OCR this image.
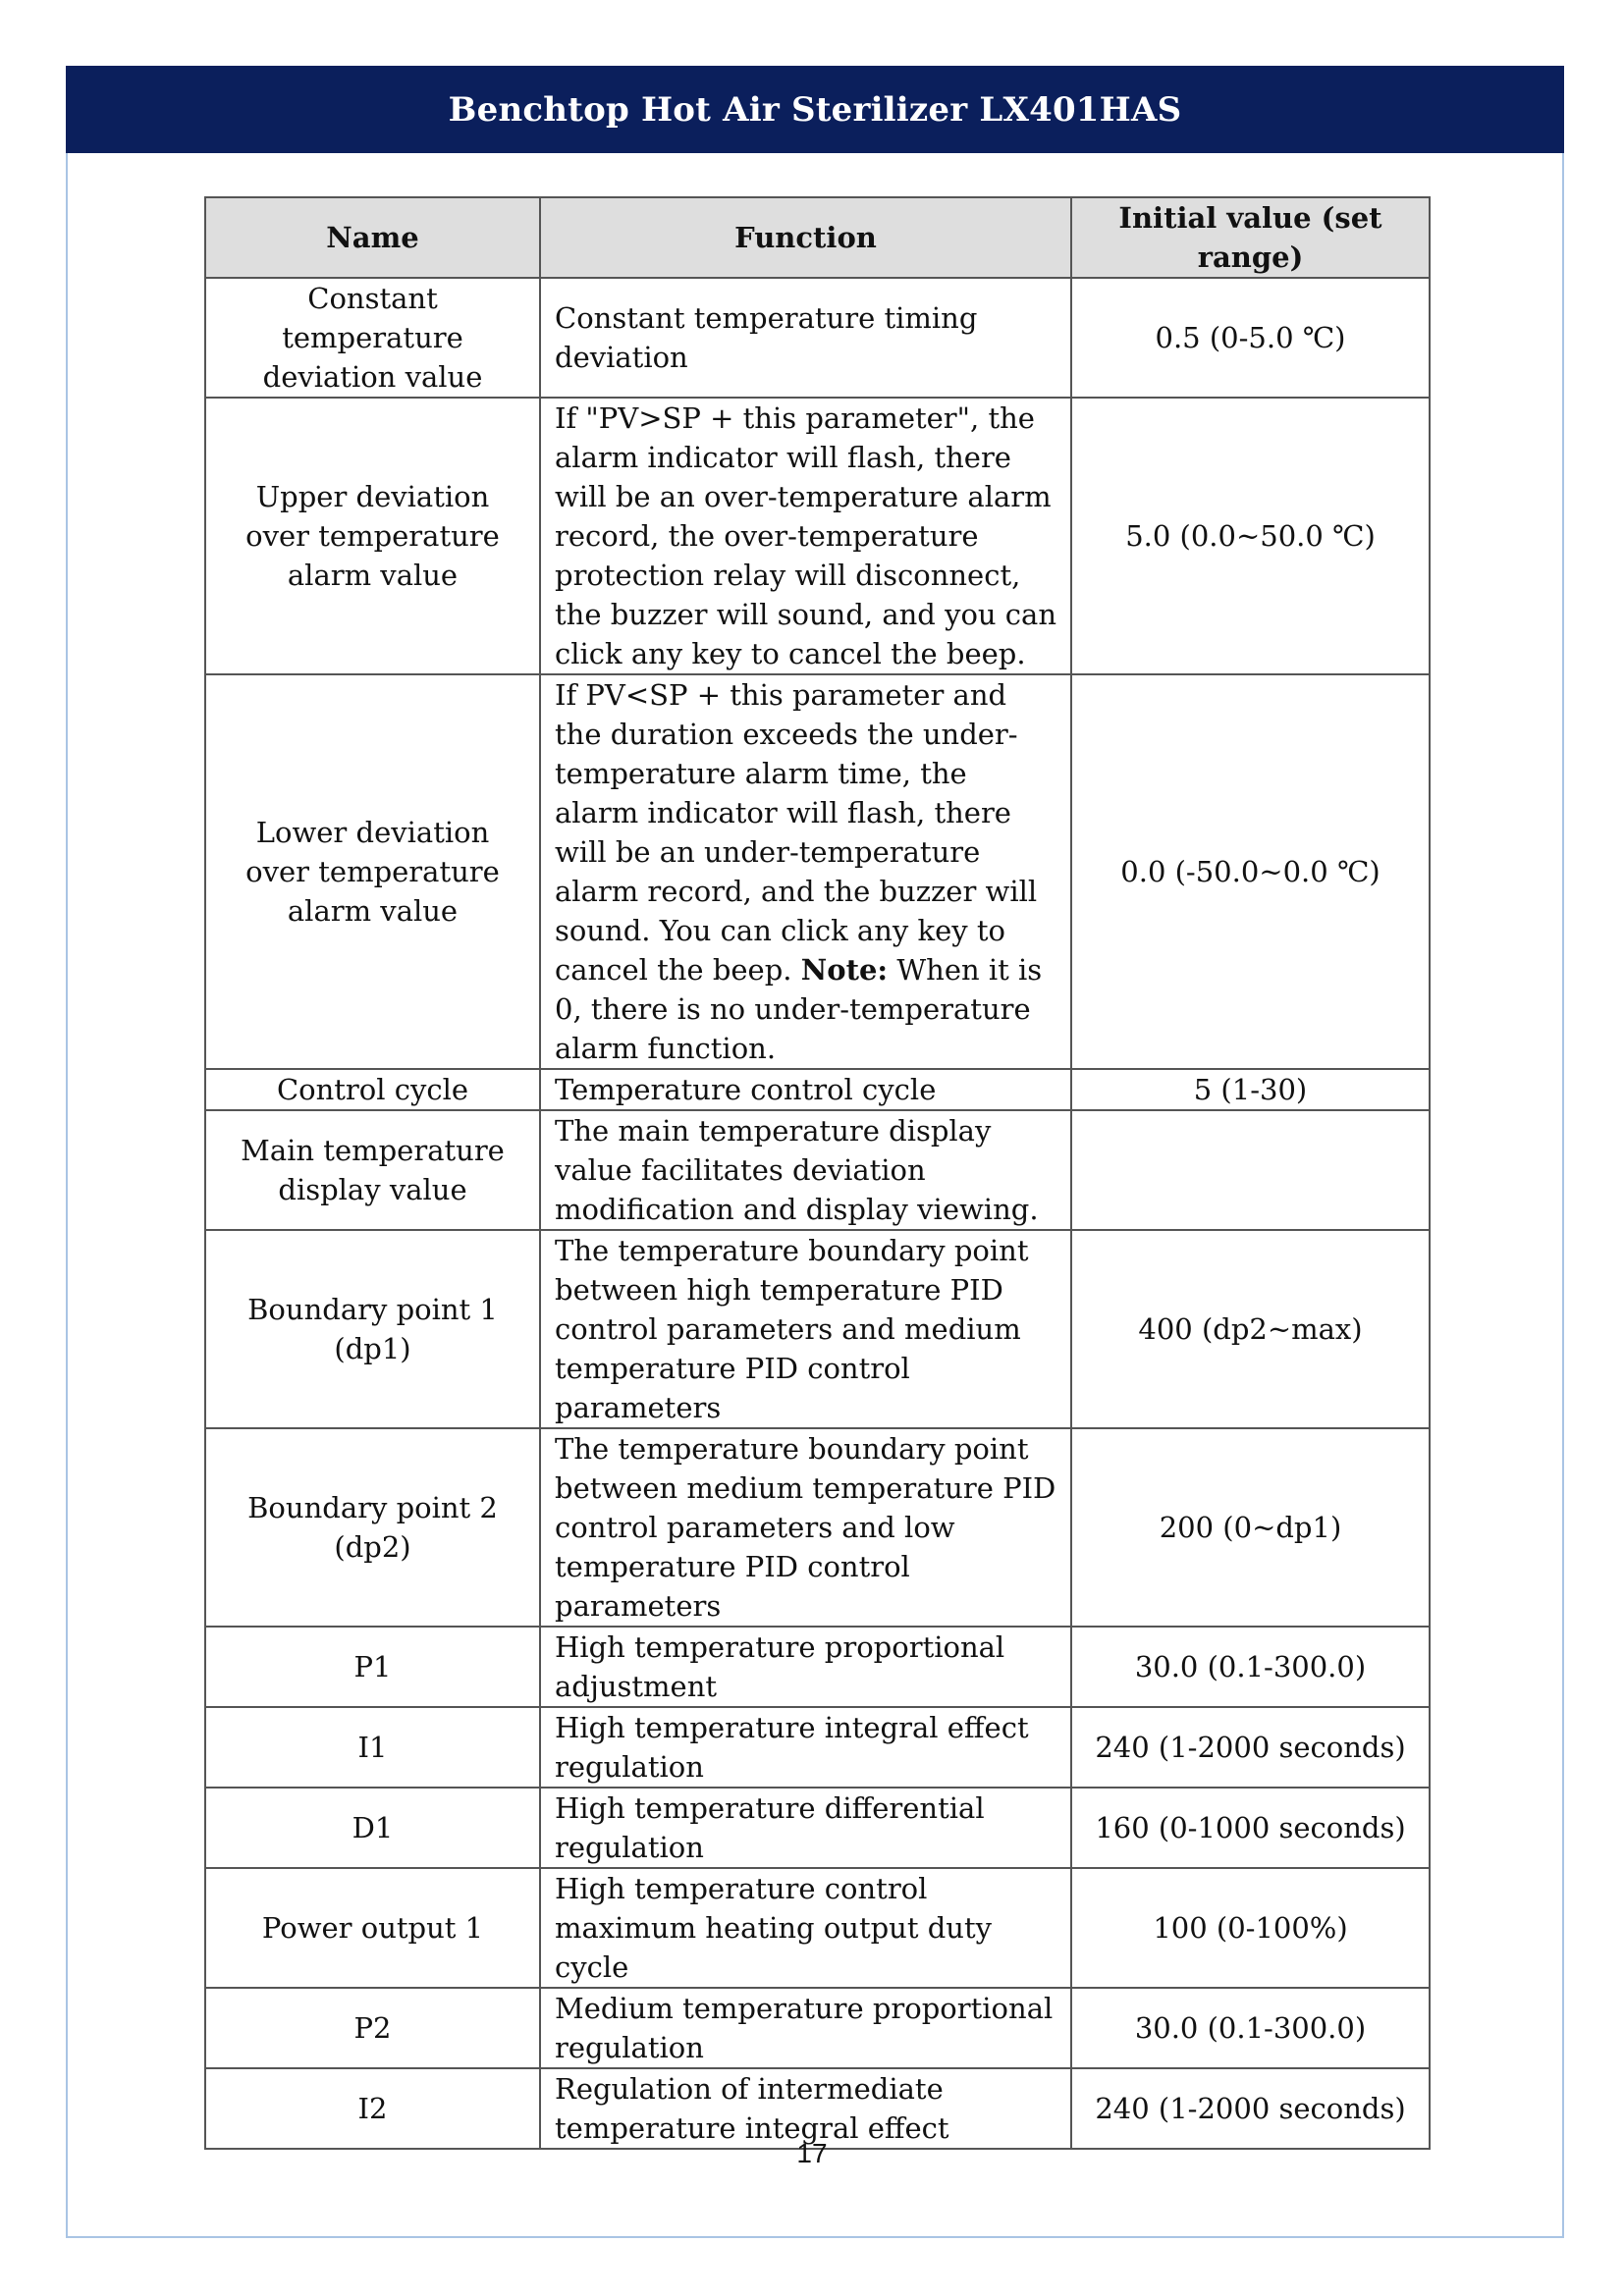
Benchtop Hot Air Sterilizer LX401HAS
Name	Function	Initial value (set range)
Constant temperature deviation value	Constant temperature timing deviation	0.5 (0-5.0 ℃)
Upper deviation over temperature alarm value	If "PV>SP + this parameter", the alarm indicator will flash, there will be an over-temperature alarm record, the over-temperature protection relay will disconnect, the buzzer will sound, and you can click any key to cancel the beep.	5.0 (0.0~50.0 ℃)
Lower deviation over temperature alarm value	If PV<SP + this parameter and the duration exceeds the under-temperature alarm time, the alarm indicator will flash, there will be an under-temperature alarm record, and the buzzer will sound. You can click any key to cancel the beep. Note: When it is 0, there is no under-temperature alarm function.	0.0 (-50.0~0.0 ℃)
Control cycle	Temperature control cycle	5 (1-30)
Main temperature display value	The main temperature display value facilitates deviation modification and display viewing.	
Boundary point 1 (dp1)	The temperature boundary point between high temperature PID control parameters and medium temperature PID control parameters	400 (dp2~max)
Boundary point 2 (dp2)	The temperature boundary point between medium temperature PID control parameters and low temperature PID control parameters	200 (0~dp1)
P1	High temperature proportional adjustment	30.0 (0.1-300.0)
I1	High temperature integral effect regulation	240 (1-2000 seconds)
D1	High temperature differential regulation	160 (0-1000 seconds)
Power output 1	High temperature control maximum heating output duty cycle	100 (0-100%)
P2	Medium temperature proportional regulation	30.0 (0.1-300.0)
I2	Regulation of intermediate temperature integral effect	240 (1-2000 seconds)
17
